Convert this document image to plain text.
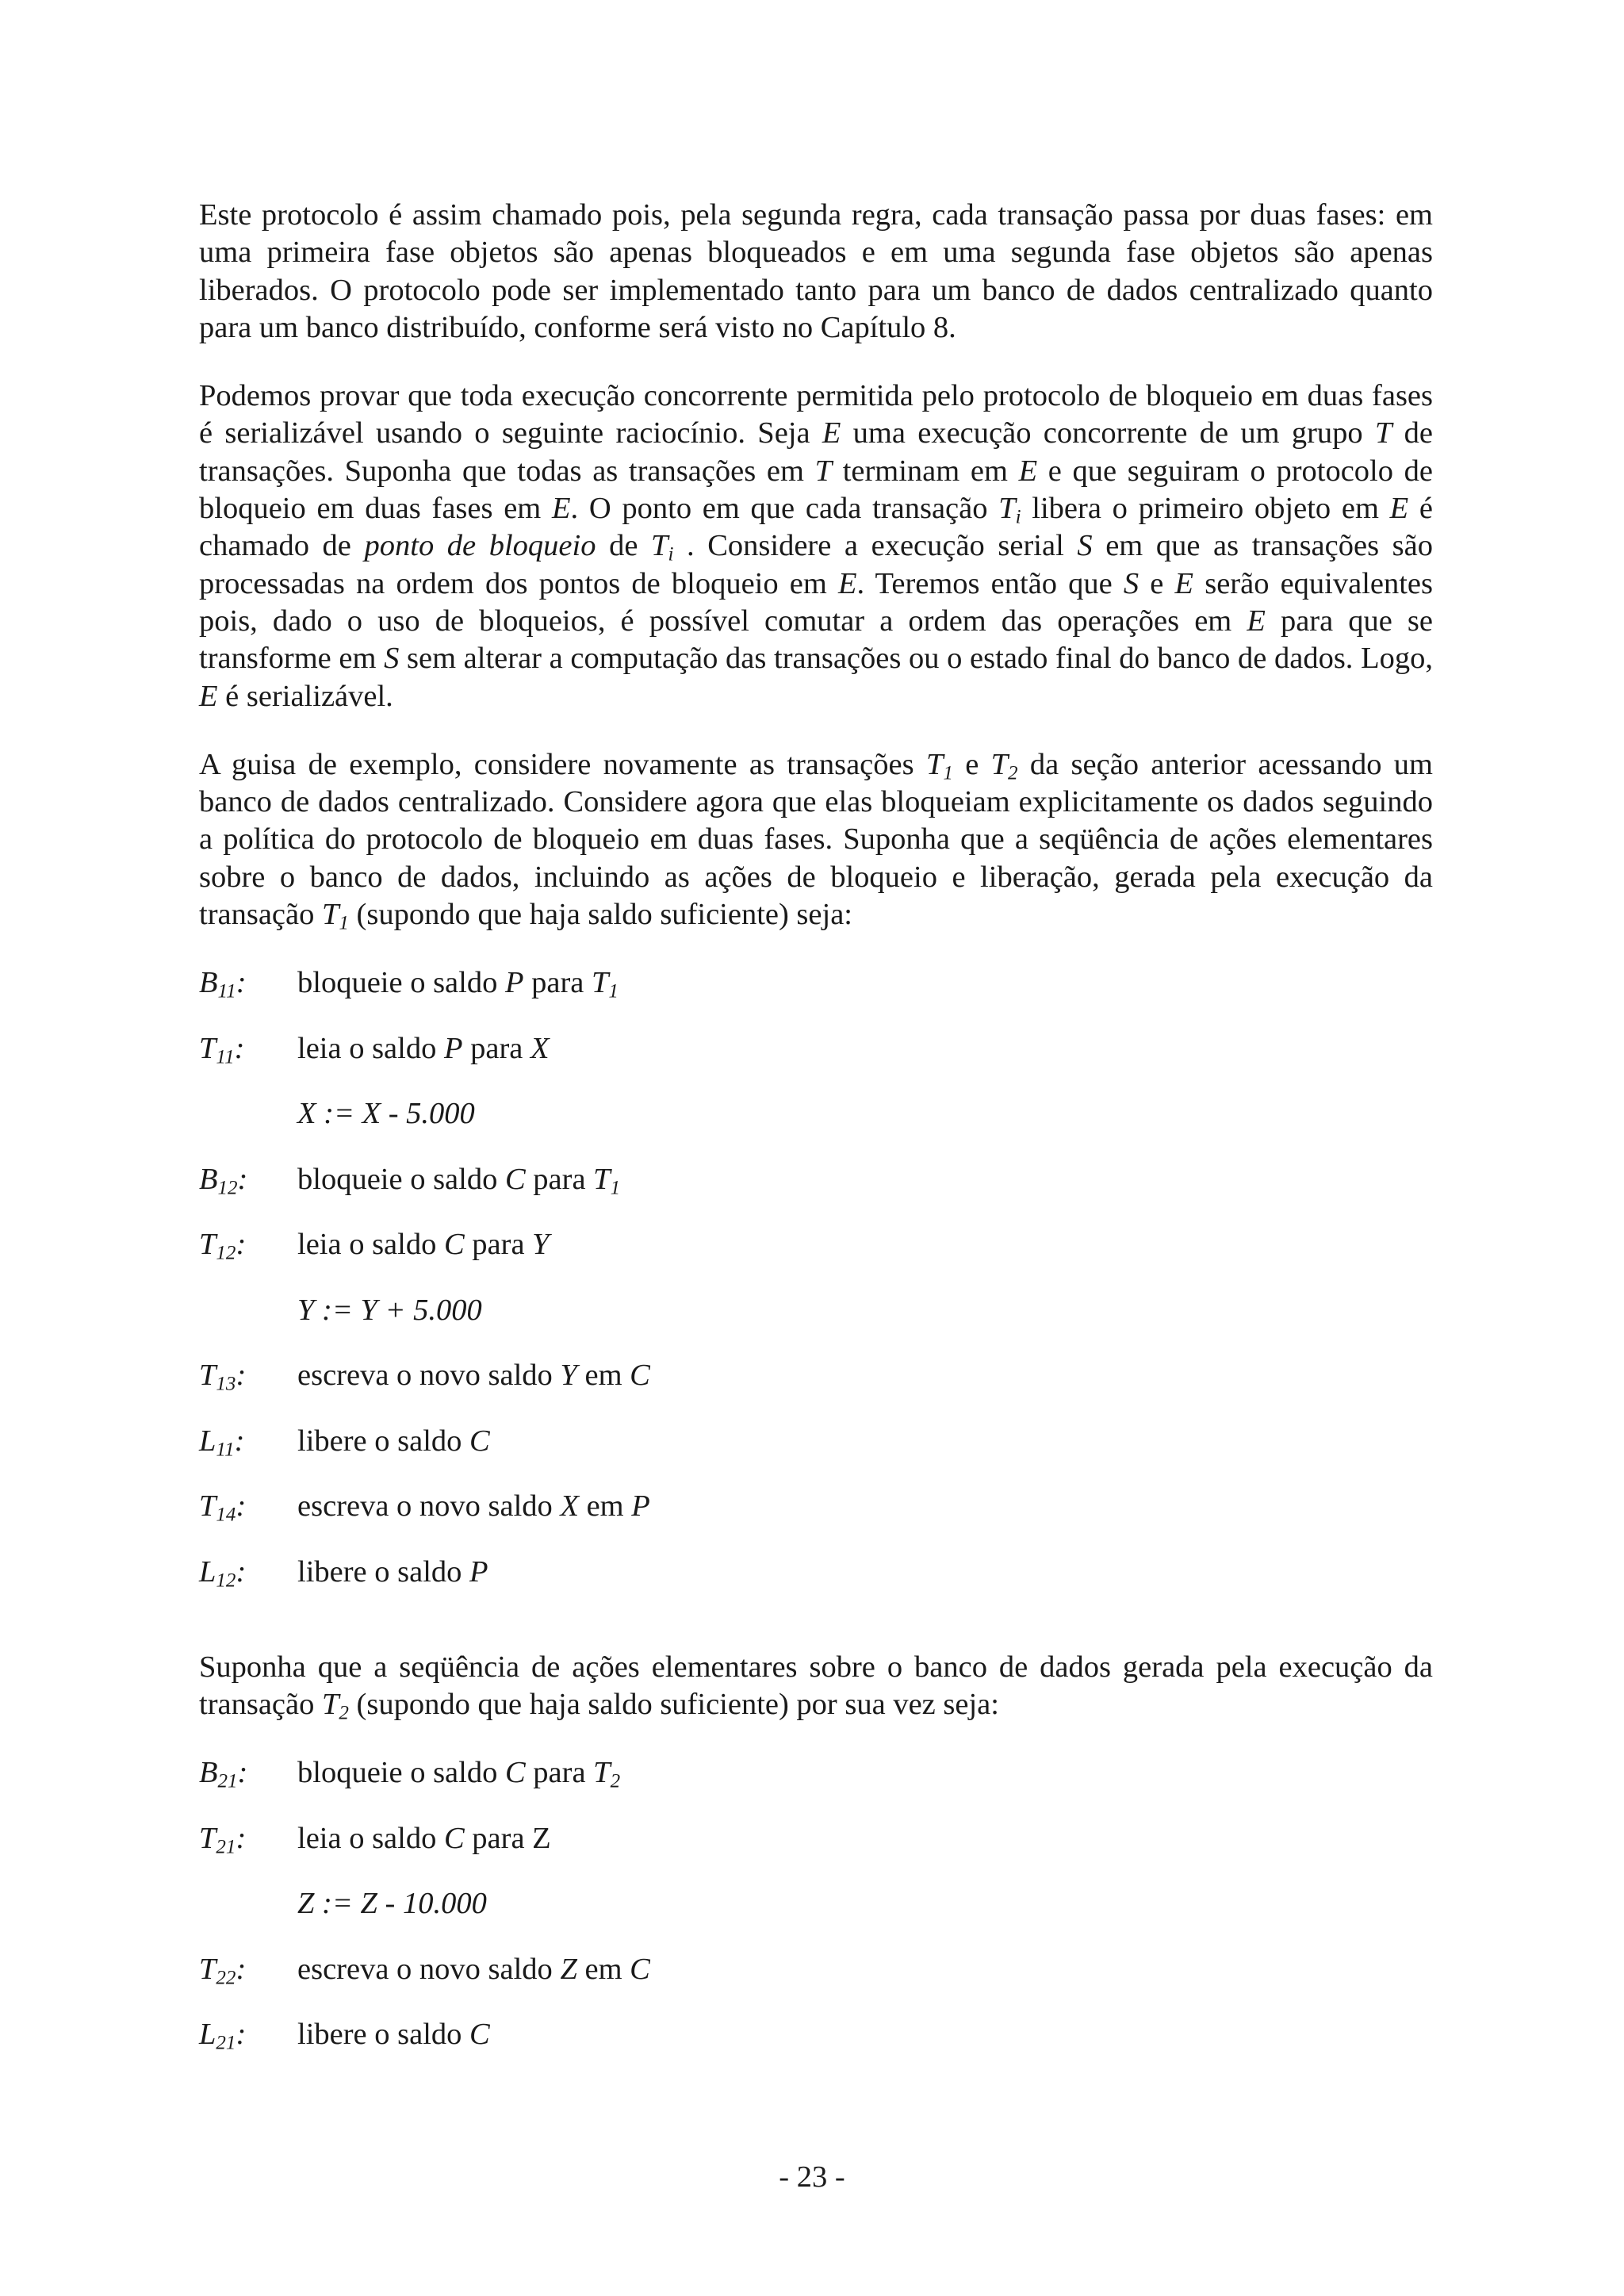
Este protocolo é assim chamado pois, pela segunda regra, cada transação passa por duas fases: em uma primeira fase objetos são apenas bloqueados e em uma segunda fase objetos são apenas liberados. O protocolo pode ser implementado tanto para um banco de dados centralizado quanto para um banco distribuído, conforme será visto no Capítulo 8.

Podemos provar que toda execução concorrente permitida pelo protocolo de bloqueio em duas fases é serializável usando o seguinte raciocínio. Seja E uma execução concorrente de um grupo T de transações. Suponha que todas as transações em T terminam em E e que seguiram o protocolo de bloqueio em duas fases em E. O ponto em que cada transação $T_i$ libera o primeiro objeto em E é chamado de ponto de bloqueio de $T_i$ . Considere a execução serial S em que as transações são processadas na ordem dos pontos de bloqueio em E. Teremos então que S e E serão equivalentes pois, dado o uso de bloqueios, é possível comutar a ordem das operações em E para que se transforme em S sem alterar a computação das transações ou o estado final do banco de dados. Logo, E é serializável.

A guisa de exemplo, considere novamente as transações $T_1$ e $T_2$ da seção anterior acessando um banco de dados centralizado. Considere agora que elas bloqueiam explicitamente os dados seguindo a política do protocolo de bloqueio em duas fases. Suponha que a seqüência de ações elementares sobre o banco de dados, incluindo as ações de bloqueio e liberação, gerada pela execução da transação $T_1$ (supondo que haja saldo suficiente) seja:

$B_{11}$:	bloqueie o saldo P para $T_1$
$T_{11}$:	leia o saldo P para X
X := X - 5.000
$B_{12}$:	bloqueie o saldo C para $T_1$
$T_{12}$:	leia o saldo C para Y
Y := Y + 5.000
$T_{13}$:	escreva o novo saldo Y em C
$L_{11}$:	libere o saldo C
$T_{14}$:	escreva o novo saldo X em P
$L_{12}$:	libere o saldo P

Suponha que a seqüência de ações elementares sobre o banco de dados gerada pela execução da transação $T_2$ (supondo que haja saldo suficiente) por sua vez seja:

$B_{21}$:	bloqueie o saldo C para $T_2$
$T_{21}$:	leia o saldo C para Z
Z := Z - 10.000
$T_{22}$:	escreva o novo saldo Z em C
$L_{21}$:	libere o saldo C
- 23 -
